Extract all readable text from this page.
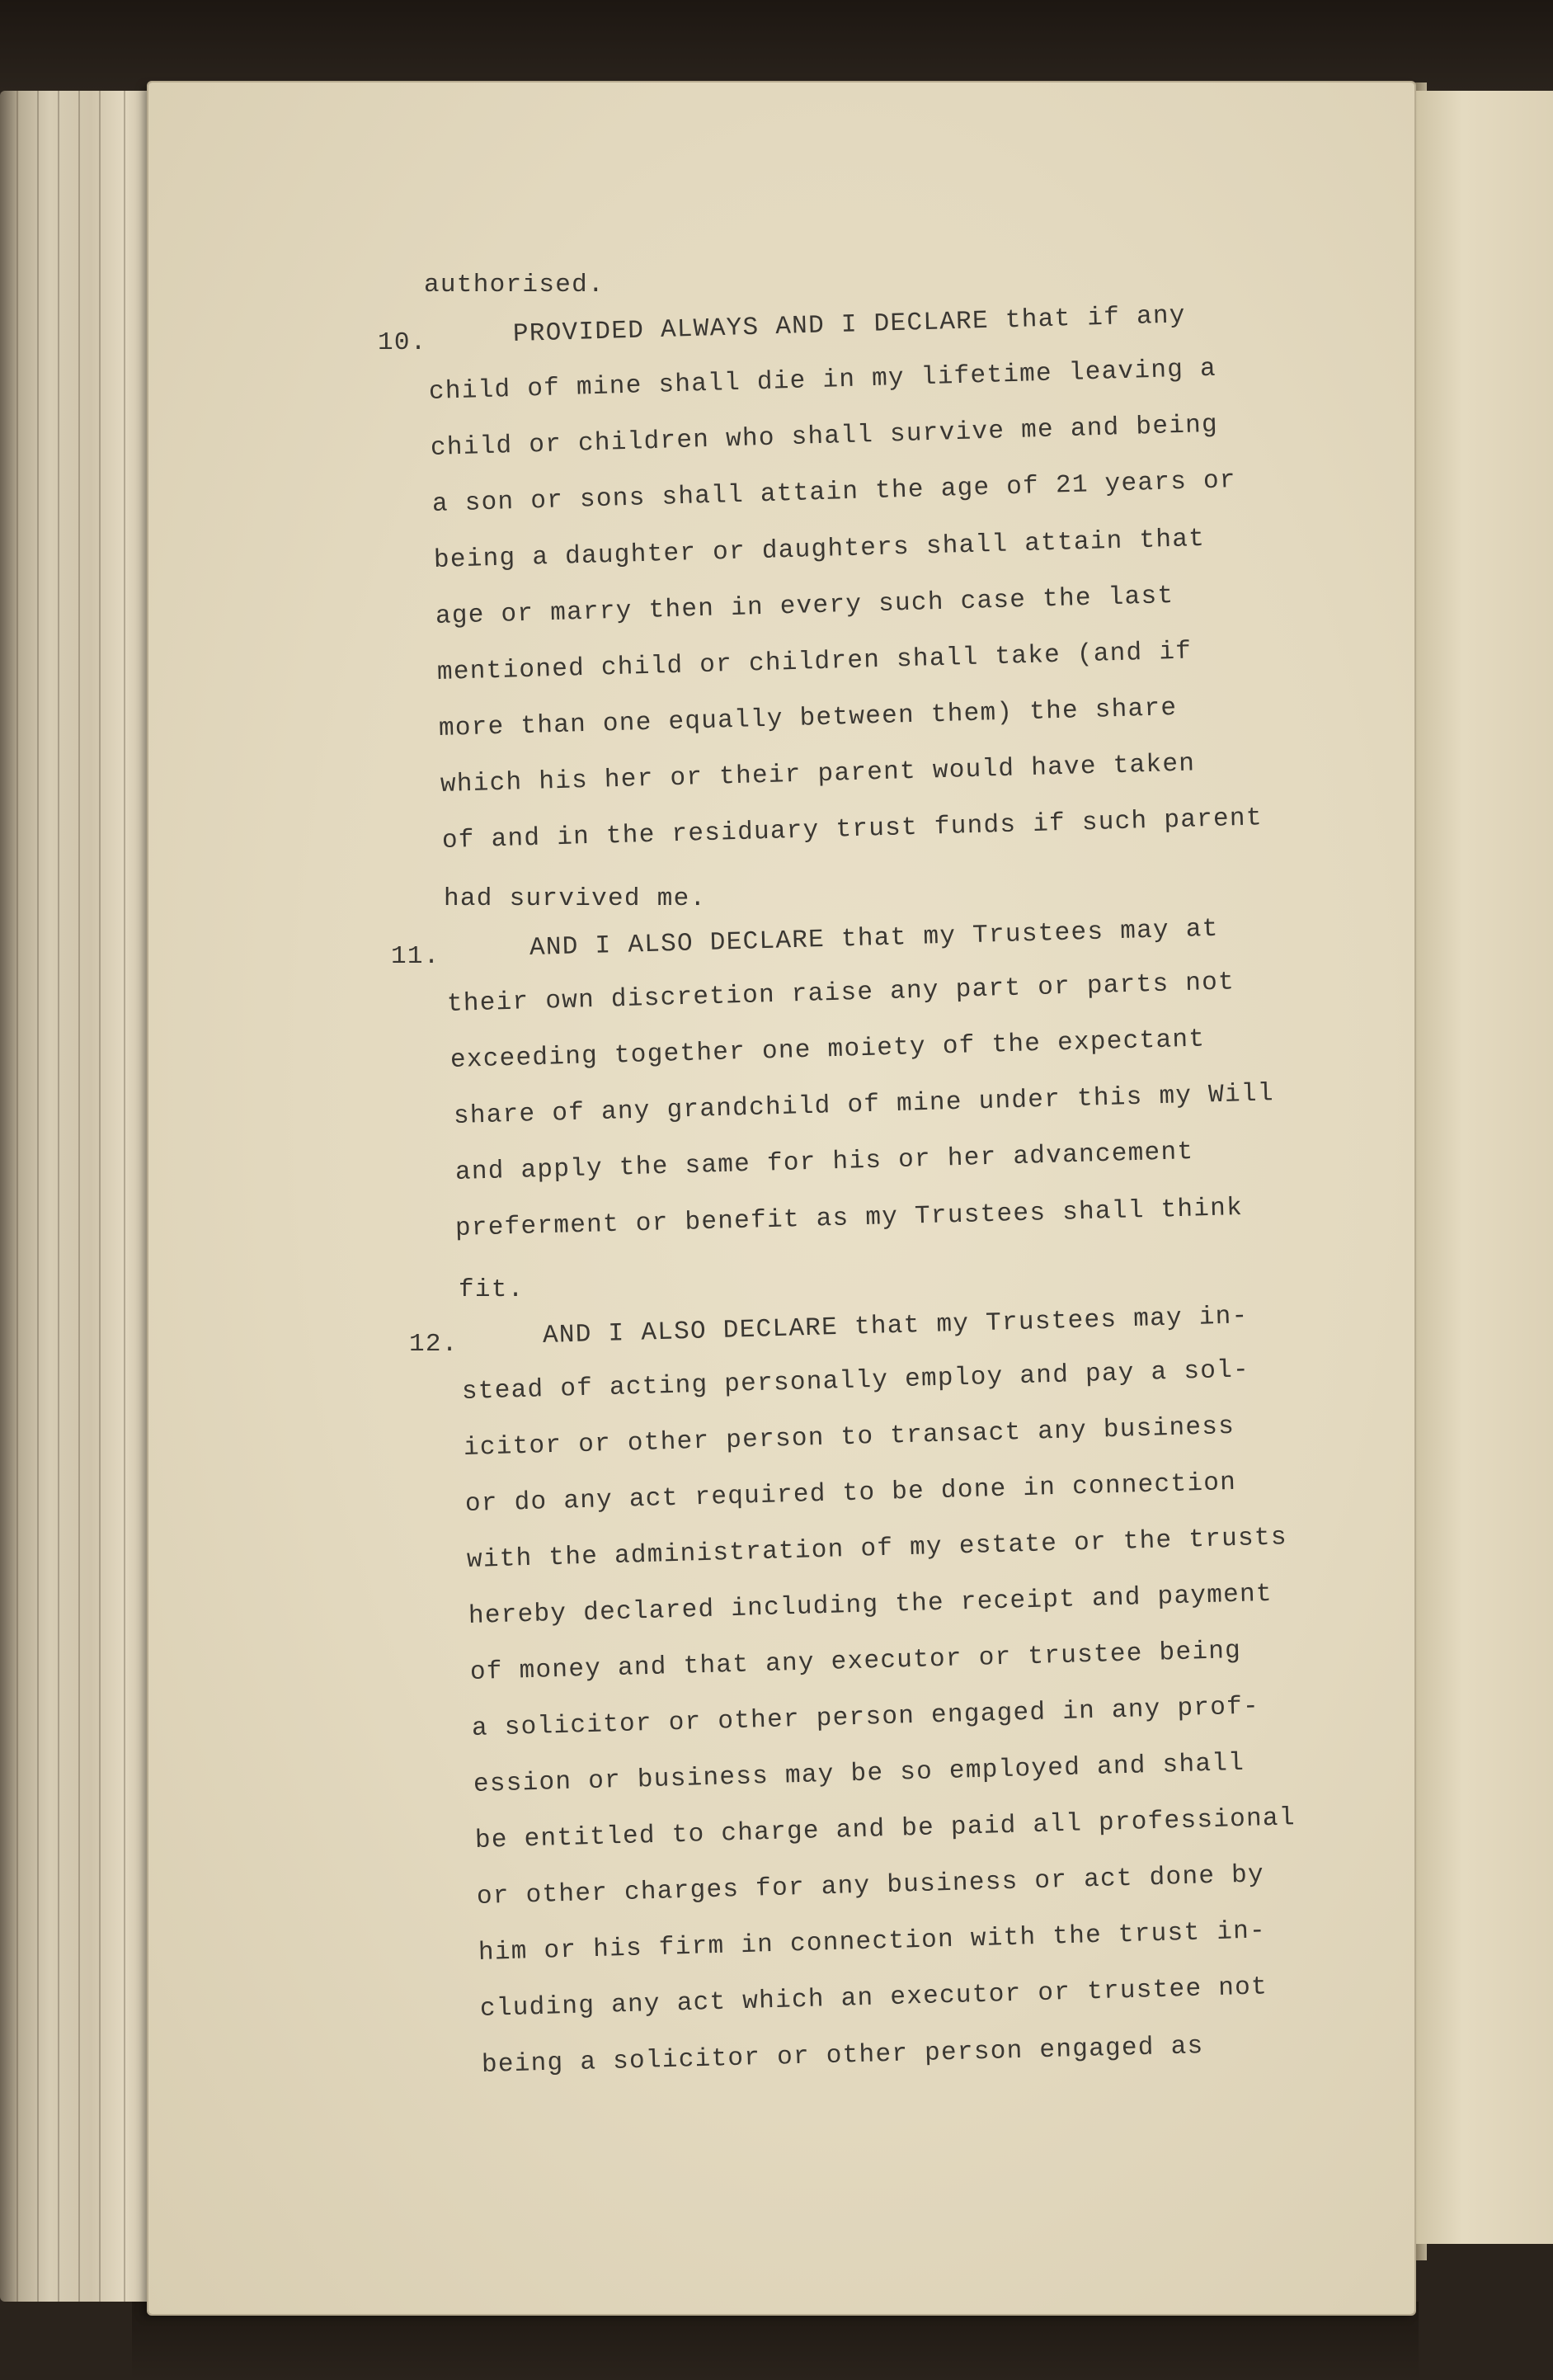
10.
11.
12.
authorised.
PROVIDED ALWAYS AND I DECLARE that if any
child of mine shall die in my lifetime leaving a
child or children who shall survive me and being
a son or sons shall attain the age of 21 years or
being a daughter or daughters shall attain that
age or marry then in every such case the last
mentioned child or children shall take (and if
more than one equally between them) the share
which his her or their parent would have taken
of and in the residuary trust funds if such parent
had survived me.
AND I ALSO DECLARE that my Trustees may at
their own discretion raise any part or parts not
exceeding together one moiety of the expectant
share of any grandchild of mine under this my Will
and apply the same for his or her advancement
preferment or benefit as my Trustees shall think
fit.
AND I ALSO DECLARE that my Trustees may in-
stead of acting personally employ and pay a sol-
icitor or other person to transact any business
or do any act required to be done in connection
with the administration of my estate or the trusts
hereby declared including the receipt and payment
of money and that any executor or trustee being
a solicitor or other person engaged in any prof-
ession or business may be so employed and shall
be entitled to charge and be paid all professional
or other charges for any business or act done by
him or his firm in connection with the trust in-
cluding any act which an executor or trustee not
being a solicitor or other person engaged as
